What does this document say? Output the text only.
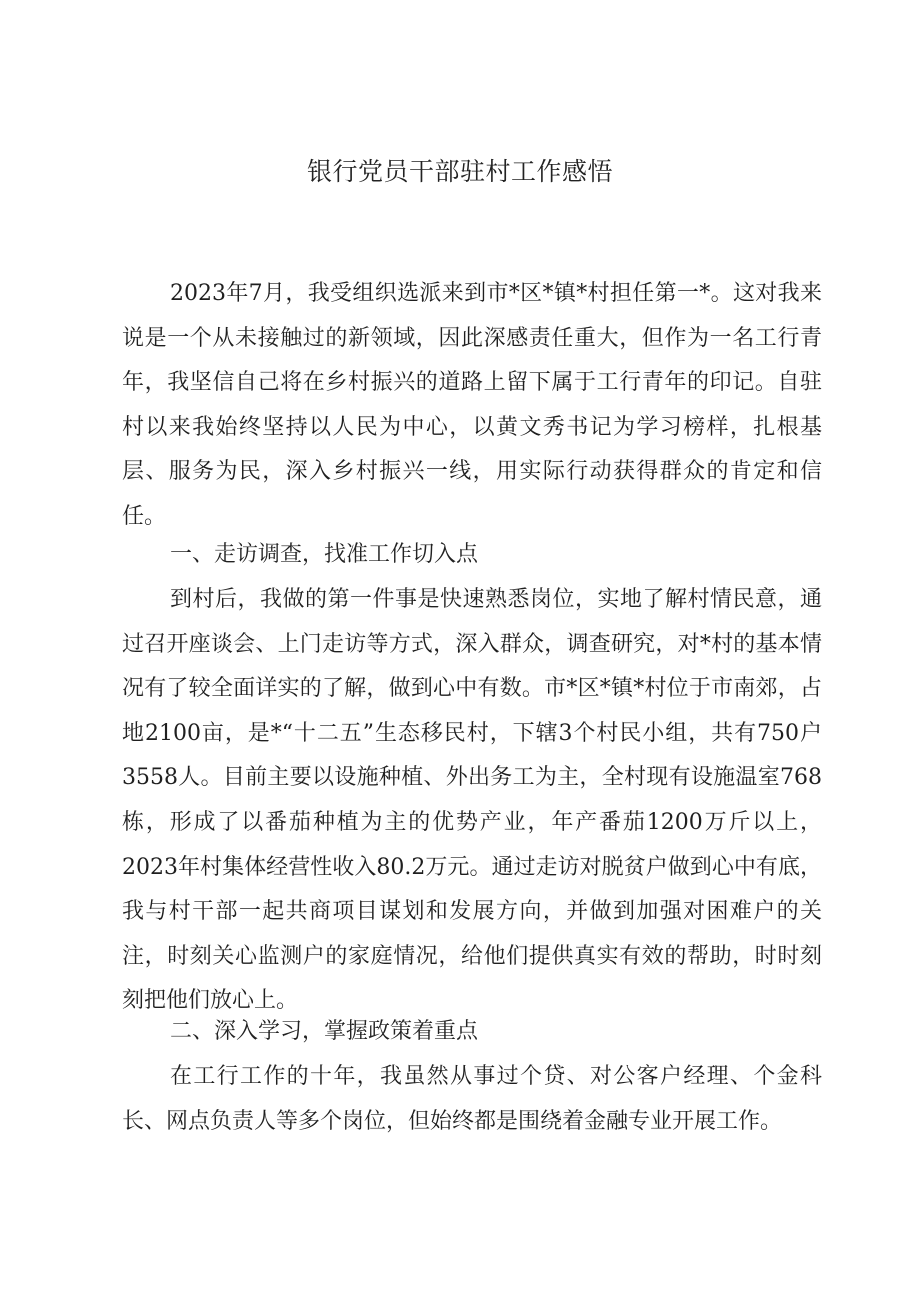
银行党员干部驻村工作感悟

2023年7月，我受组织选派来到市*区*镇*村担任第一*。这对我来说是一个从未接触过的新领域，因此深感责任重大，但作为一名工行青年，我坚信自己将在乡村振兴的道路上留下属于工行青年的印记。自驻村以来我始终坚持以人民为中心，以黄文秀书记为学习榜样，扎根基层、服务为民，深入乡村振兴一线，用实际行动获得群众的肯定和信任。

一、走访调查，找准工作切入点

到村后，我做的第一件事是快速熟悉岗位，实地了解村情民意，通过召开座谈会、上门走访等方式，深入群众，调查研究，对*村的基本情况有了较全面详实的了解，做到心中有数。市*区*镇*村位于市南郊，占地2100亩，是*“十二五”生态移民村，下辖3个村民小组，共有750户3558人。目前主要以设施种植、外出务工为主，全村现有设施温室768栋，形成了以番茄种植为主的优势产业，年产番茄1200万斤以上，2023年村集体经营性收入80.2万元。通过走访对脱贫户做到心中有底，我与村干部一起共商项目谋划和发展方向，并做到加强对困难户的关注，时刻关心监测户的家庭情况，给他们提供真实有效的帮助，时时刻刻把他们放心上。

二、深入学习，掌握政策着重点

在工行工作的十年，我虽然从事过个贷、对公客户经理、个金科长、网点负责人等多个岗位，但始终都是围绕着金融专业开展工作。
